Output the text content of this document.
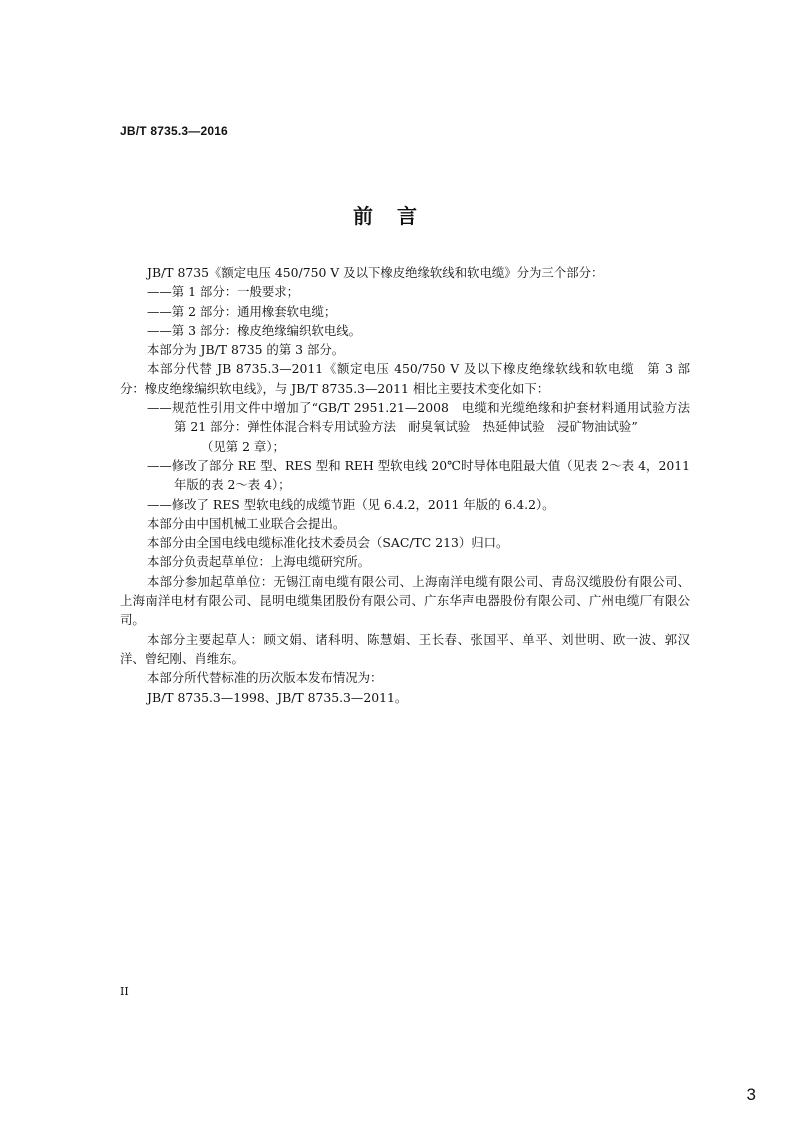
JB/T 8735.3—2016
前言

JB/T 8735《额定电压 450/750 V 及以下橡皮绝缘软线和软电缆》分为三个部分：

——第 1 部分：一般要求；

——第 2 部分：通用橡套软电缆；

——第 3 部分：橡皮绝缘编织软电线。

本部分为 JB/T 8735 的第 3 部分。

本部分代替 JB 8735.3—2011《额定电压 450/750 V 及以下橡皮绝缘软线和软电缆　第 3 部分：橡皮绝缘编织软电线》，与 JB/T 8735.3—2011 相比主要技术变化如下：

——规范性引用文件中增加了“GB/T 2951.21—2008　电缆和光缆绝缘和护套材料通用试验方法　第 21 部分：弹性体混合料专用试验方法　耐臭氧试验　热延伸试验　浸矿物油试验”
（见第 2 章）；

——修改了部分 RE 型、RES 型和 REH 型软电线 20℃时导体电阻最大值（见表 2～表 4，2011 年版的表 2～表 4）；

——修改了 RES 型软电线的成缆节距（见 6.4.2，2011 年版的 6.4.2）。

本部分由中国机械工业联合会提出。

本部分由全国电线电缆标准化技术委员会（SAC/TC 213）归口。

本部分负责起草单位：上海电缆研究所。

本部分参加起草单位：无锡江南电缆有限公司、上海南洋电缆有限公司、青岛汉缆股份有限公司、上海南洋电材有限公司、昆明电缆集团股份有限公司、广东华声电器股份有限公司、广州电缆厂有限公司。

本部分主要起草人：顾文娟、诸科明、陈慧娟、王长春、张国平、单平、刘世明、欧一波、郭汉洋、曾纪刚、肖维东。

本部分所代替标准的历次版本发布情况为：

JB/T 8735.3—1998、JB/T 8735.3—2011。

II
3
